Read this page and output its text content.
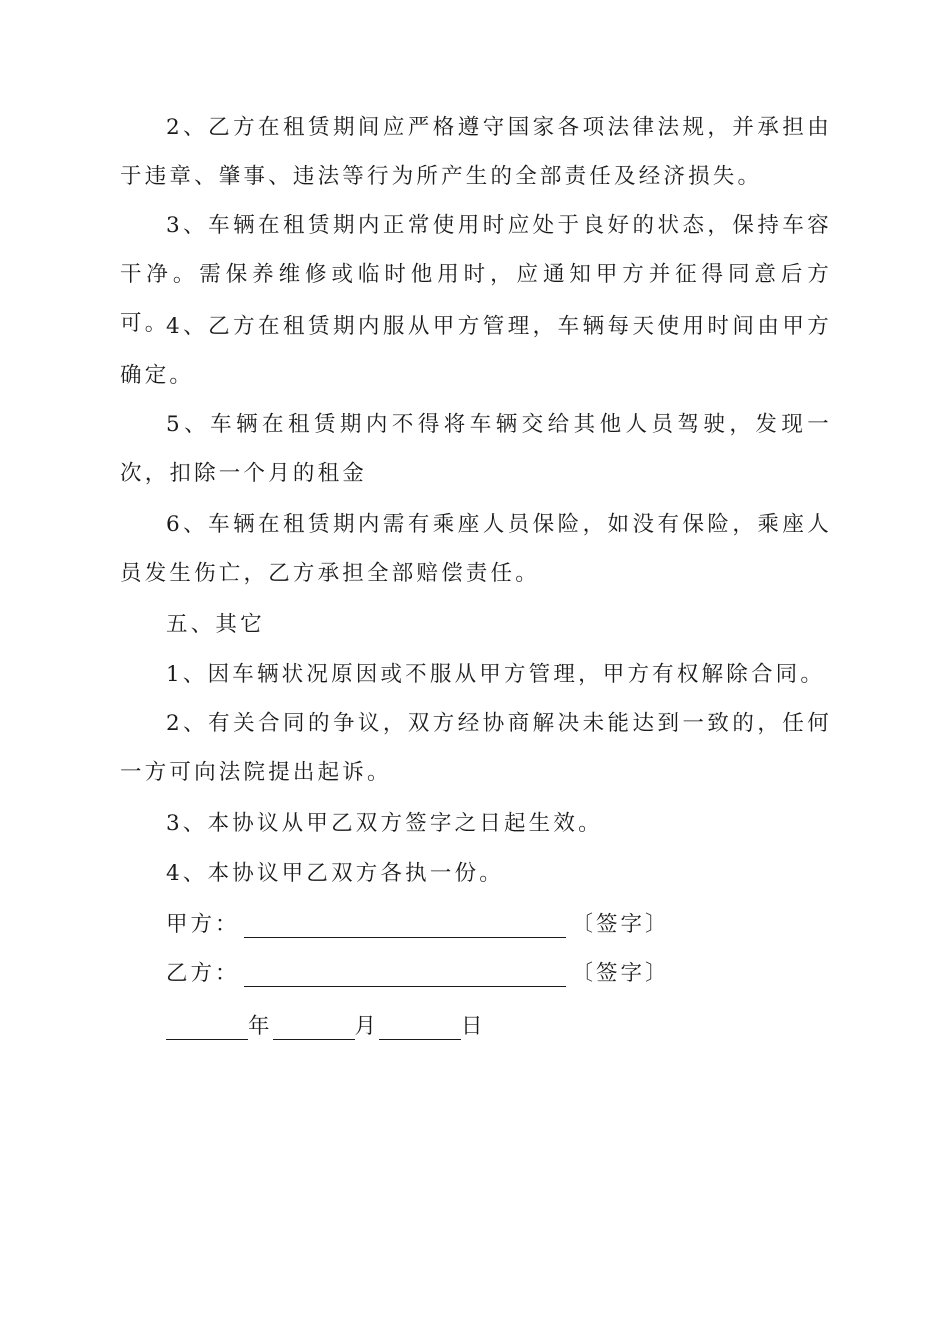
2、乙方在租赁期间应严格遵守国家各项法律法规，并承担由于违章、肇事、违法等行为所产生的全部责任及经济损失。

3、车辆在租赁期内正常使用时应处于良好的状态，保持车容干净。需保养维修或临时他用时，应通知甲方并征得同意后方可。

4、乙方在租赁期内服从甲方管理，车辆每天使用时间由甲方确定。

5、车辆在租赁期内不得将车辆交给其他人员驾驶，发现一次，扣除一个月的租金

6、车辆在租赁期内需有乘座人员保险，如没有保险，乘座人员发生伤亡，乙方承担全部赔偿责任。

五、其它

1、因车辆状况原因或不服从甲方管理，甲方有权解除合同。

2、有关合同的争议，双方经协商解决未能达到一致的，任何一方可向法院提出起诉。

3、本协议从甲乙双方签字之日起生效。

4、本协议甲乙双方各执一份。

甲方：	〔签字〕
乙方：	〔签字〕
年	月	日
